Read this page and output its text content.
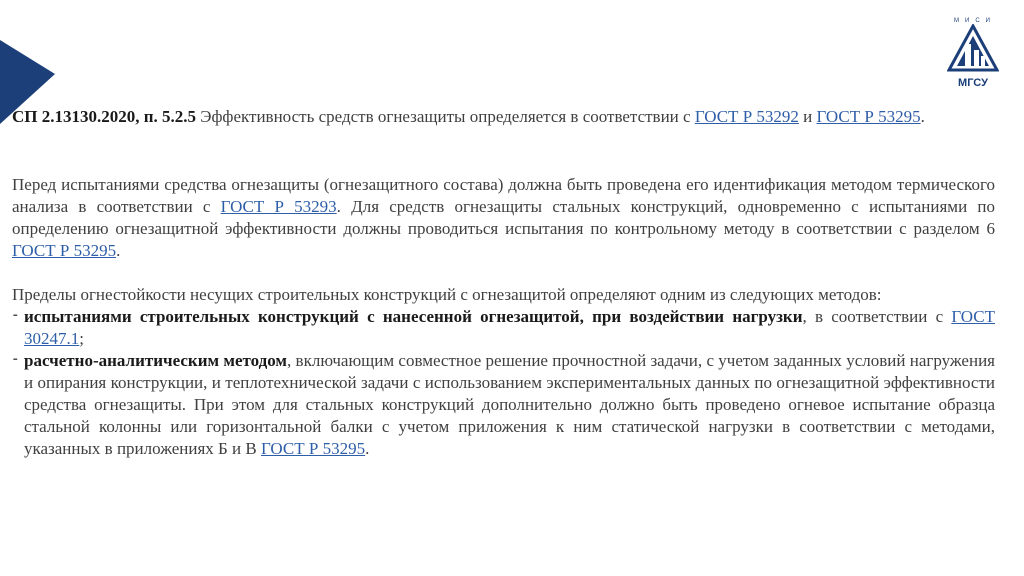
МИСИ
МГСУ

СП 2.13130.2020, п. 5.2.5 Эффективность средств огнезащиты определяется в соответствии с ГОСТ Р 53292 и ГОСТ Р 53295.

Перед испытаниями средства огнезащиты (огнезащитного состава) должна быть проведена его идентификация методом термического анализа в соответствии с ГОСТ Р 53293. Для средств огнезащиты стальных конструкций, одновременно с испытаниями по определению огнезащитной эффективности должны проводиться испытания по контрольному методу в соответствии с разделом 6 ГОСТ Р 53295.

Пределы огнестойкости несущих строительных конструкций с огнезащитой определяют одним из следующих методов:

⁃ испытаниями строительных конструкций с нанесенной огнезащитой, при воздействии нагрузки, в соответствии с ГОСТ 30247.1;
⁃ расчетно-аналитическим методом, включающим совместное решение прочностной задачи, с учетом заданных условий нагружения и опирания конструкции, и теплотехнической задачи с использованием экспериментальных данных по огнезащитной эффективности средства огнезащиты. При этом для стальных конструкций дополнительно должно быть проведено огневое испытание образца стальной колонны или горизонтальной балки с учетом приложения к ним статической нагрузки в соответствии с методами, указанных в приложениях Б и В ГОСТ Р 53295.
